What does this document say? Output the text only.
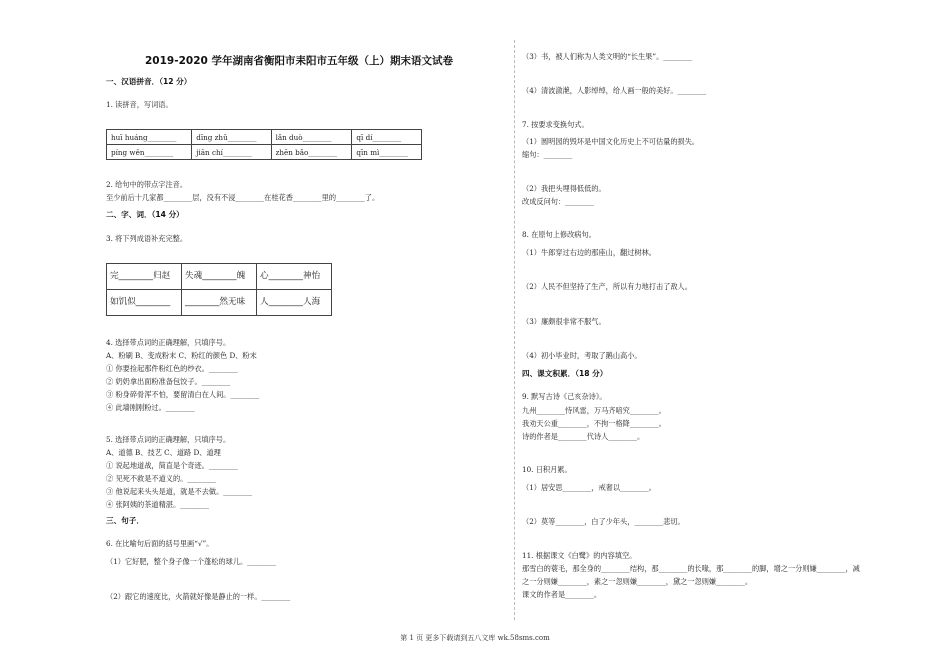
2019-2020 学年湖南省衡阳市耒阳市五年级（上）期末语文试卷
一、汉语拼音．（12 分）
1. 读拼音，写词语。
huī huáng________	dīng zhǔ________	lǎn duò________	qī dí________
píng wěn________	jiān chí________	zhēn bǎo________	qīn mì________
2. 给句中的带点字注音。
至少前后十几家都________层，没有不浸________在桂花香________里的________了。
二、字、词．（14 分）
3. 将下列成语补充完整。
完________归赵	失魂________魄	心________神怡
如饥似________	________然无味	人________人海
4. 选择带点词的正确理解，只填序号。
A、粉刷 B、变成粉末 C、粉红的颜色 D、粉末
① 你要捡起那件粉红色的纱衣。________
② 奶奶拿出面粉准备包饺子。________
③ 粉身碎骨浑不怕，要留清白在人间。________
④ 此墙刚刚粉过。________
5. 选择带点词的正确理解，只填序号。
A、道德 B、技艺 C、道路 D、道理
① 说起地道战，简直是个奇迹。________
② 见死不救是不道义的。________
③ 他说起来头头是道，就是不去做。________
④ 张阿姨的茶道精湛。________
三、句子．
6. 在比喻句后面的括号里画“√”。
（1）它好肥，整个身子像一个蓬松的球儿。________
（2）跟它的速度比，火箭就好像是静止的一样。________
（3）书，被人们称为人类文明的“长生果”。________
（4）清波潋滟，人影绰绰，给人画一般的美好。________
7. 按要求变换句式。
（1）圆明园的毁坏是中国文化历史上不可估量的损失。
缩句：________
（2）我把头埋得低低的。
改成反问句：________
8. 在原句上修改病句。
（1）牛郎穿过右边的那座山，翻过树林。
（2）人民不但坚持了生产，所以有力地打击了敌人。
（3）廉颇很非常不服气。
（4）初小毕业时，考取了鹅山高小。
四、课文积累．（18 分）
9. 默写古诗《己亥杂诗》。
九州________恃风雷，万马齐喑究________。
我劝天公重________，不拘一格降________。
诗的作者是________代诗人________。
10. 日积月累。
（1）居安思________，戒奢以________。
（2）莫等________，白了少年头，________悲切。
11. 根据课文《白鹭》的内容填空。
那雪白的蓑毛，那全身的________结构，那________的长喙，那________的脚，增之一分则嫌________，减
之一分则嫌________，素之一忽则嫌________，黛之一忽则嫌________。
课文的作者是________。
第 1 页 更多下载请到五八文库 wk.58sms.com
